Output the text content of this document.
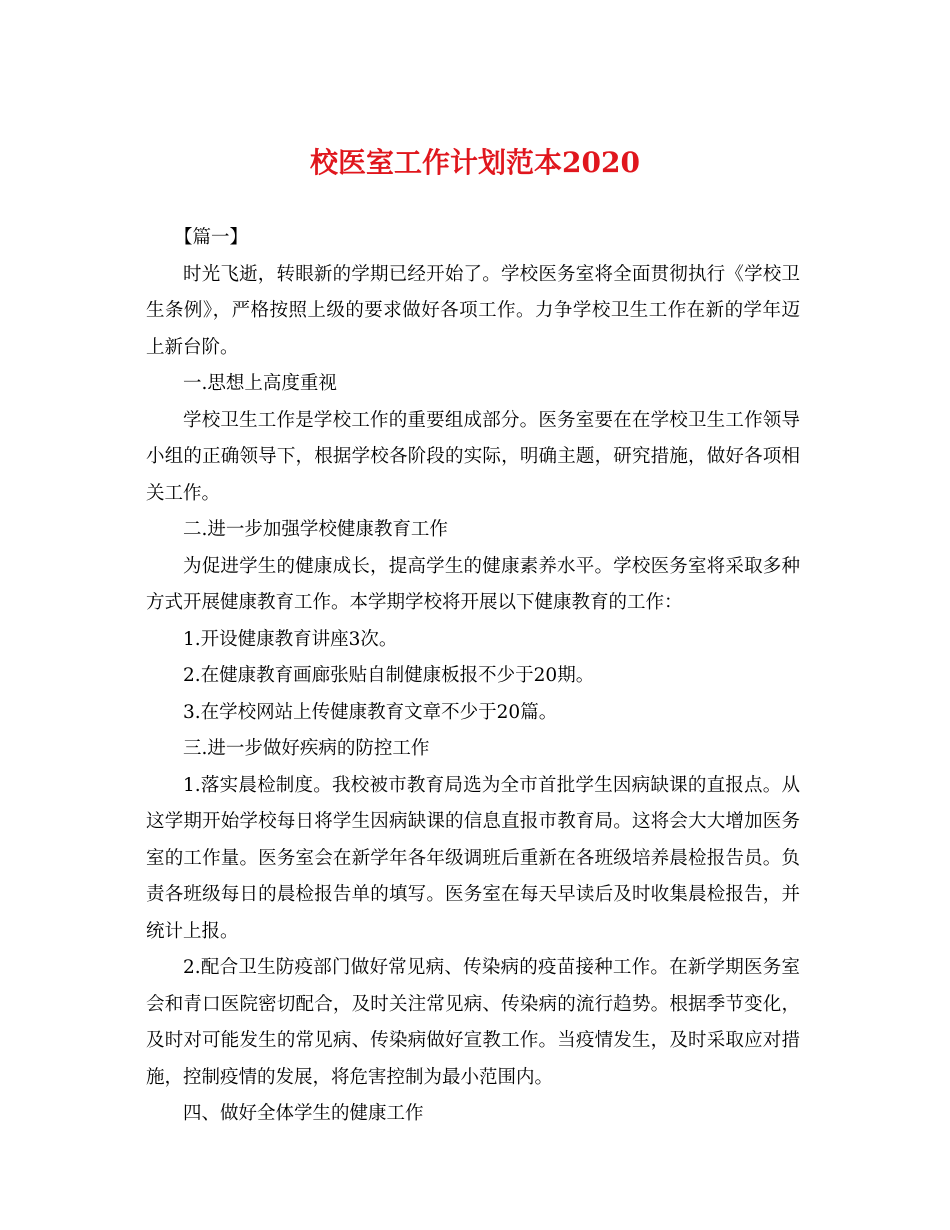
校医室工作计划范本2020

【篇一】

时光飞逝，转眼新的学期已经开始了。学校医务室将全面贯彻执行《学校卫生条例》，严格按照上级的要求做好各项工作。力争学校卫生工作在新的学年迈上新台阶。

一.思想上高度重视

学校卫生工作是学校工作的重要组成部分。医务室要在在学校卫生工作领导小组的正确领导下，根据学校各阶段的实际，明确主题，研究措施，做好各项相关工作。

二.进一步加强学校健康教育工作

为促进学生的健康成长，提高学生的健康素养水平。学校医务室将采取多种方式开展健康教育工作。本学期学校将开展以下健康教育的工作：

1.开设健康教育讲座3次。

2.在健康教育画廊张贴自制健康板报不少于20期。

3.在学校网站上传健康教育文章不少于20篇。

三.进一步做好疾病的防控工作

1.落实晨检制度。我校被市教育局选为全市首批学生因病缺课的直报点。从这学期开始学校每日将学生因病缺课的信息直报市教育局。这将会大大增加医务室的工作量。医务室会在新学年各年级调班后重新在各班级培养晨检报告员。负责各班级每日的晨检报告单的填写。医务室在每天早读后及时收集晨检报告，并统计上报。

2.配合卫生防疫部门做好常见病、传染病的疫苗接种工作。在新学期医务室会和青口医院密切配合，及时关注常见病、传染病的流行趋势。根据季节变化，及时对可能发生的常见病、传染病做好宣教工作。当疫情发生，及时采取应对措施，控制疫情的发展，将危害控制为最小范围内。

四、做好全体学生的健康工作
